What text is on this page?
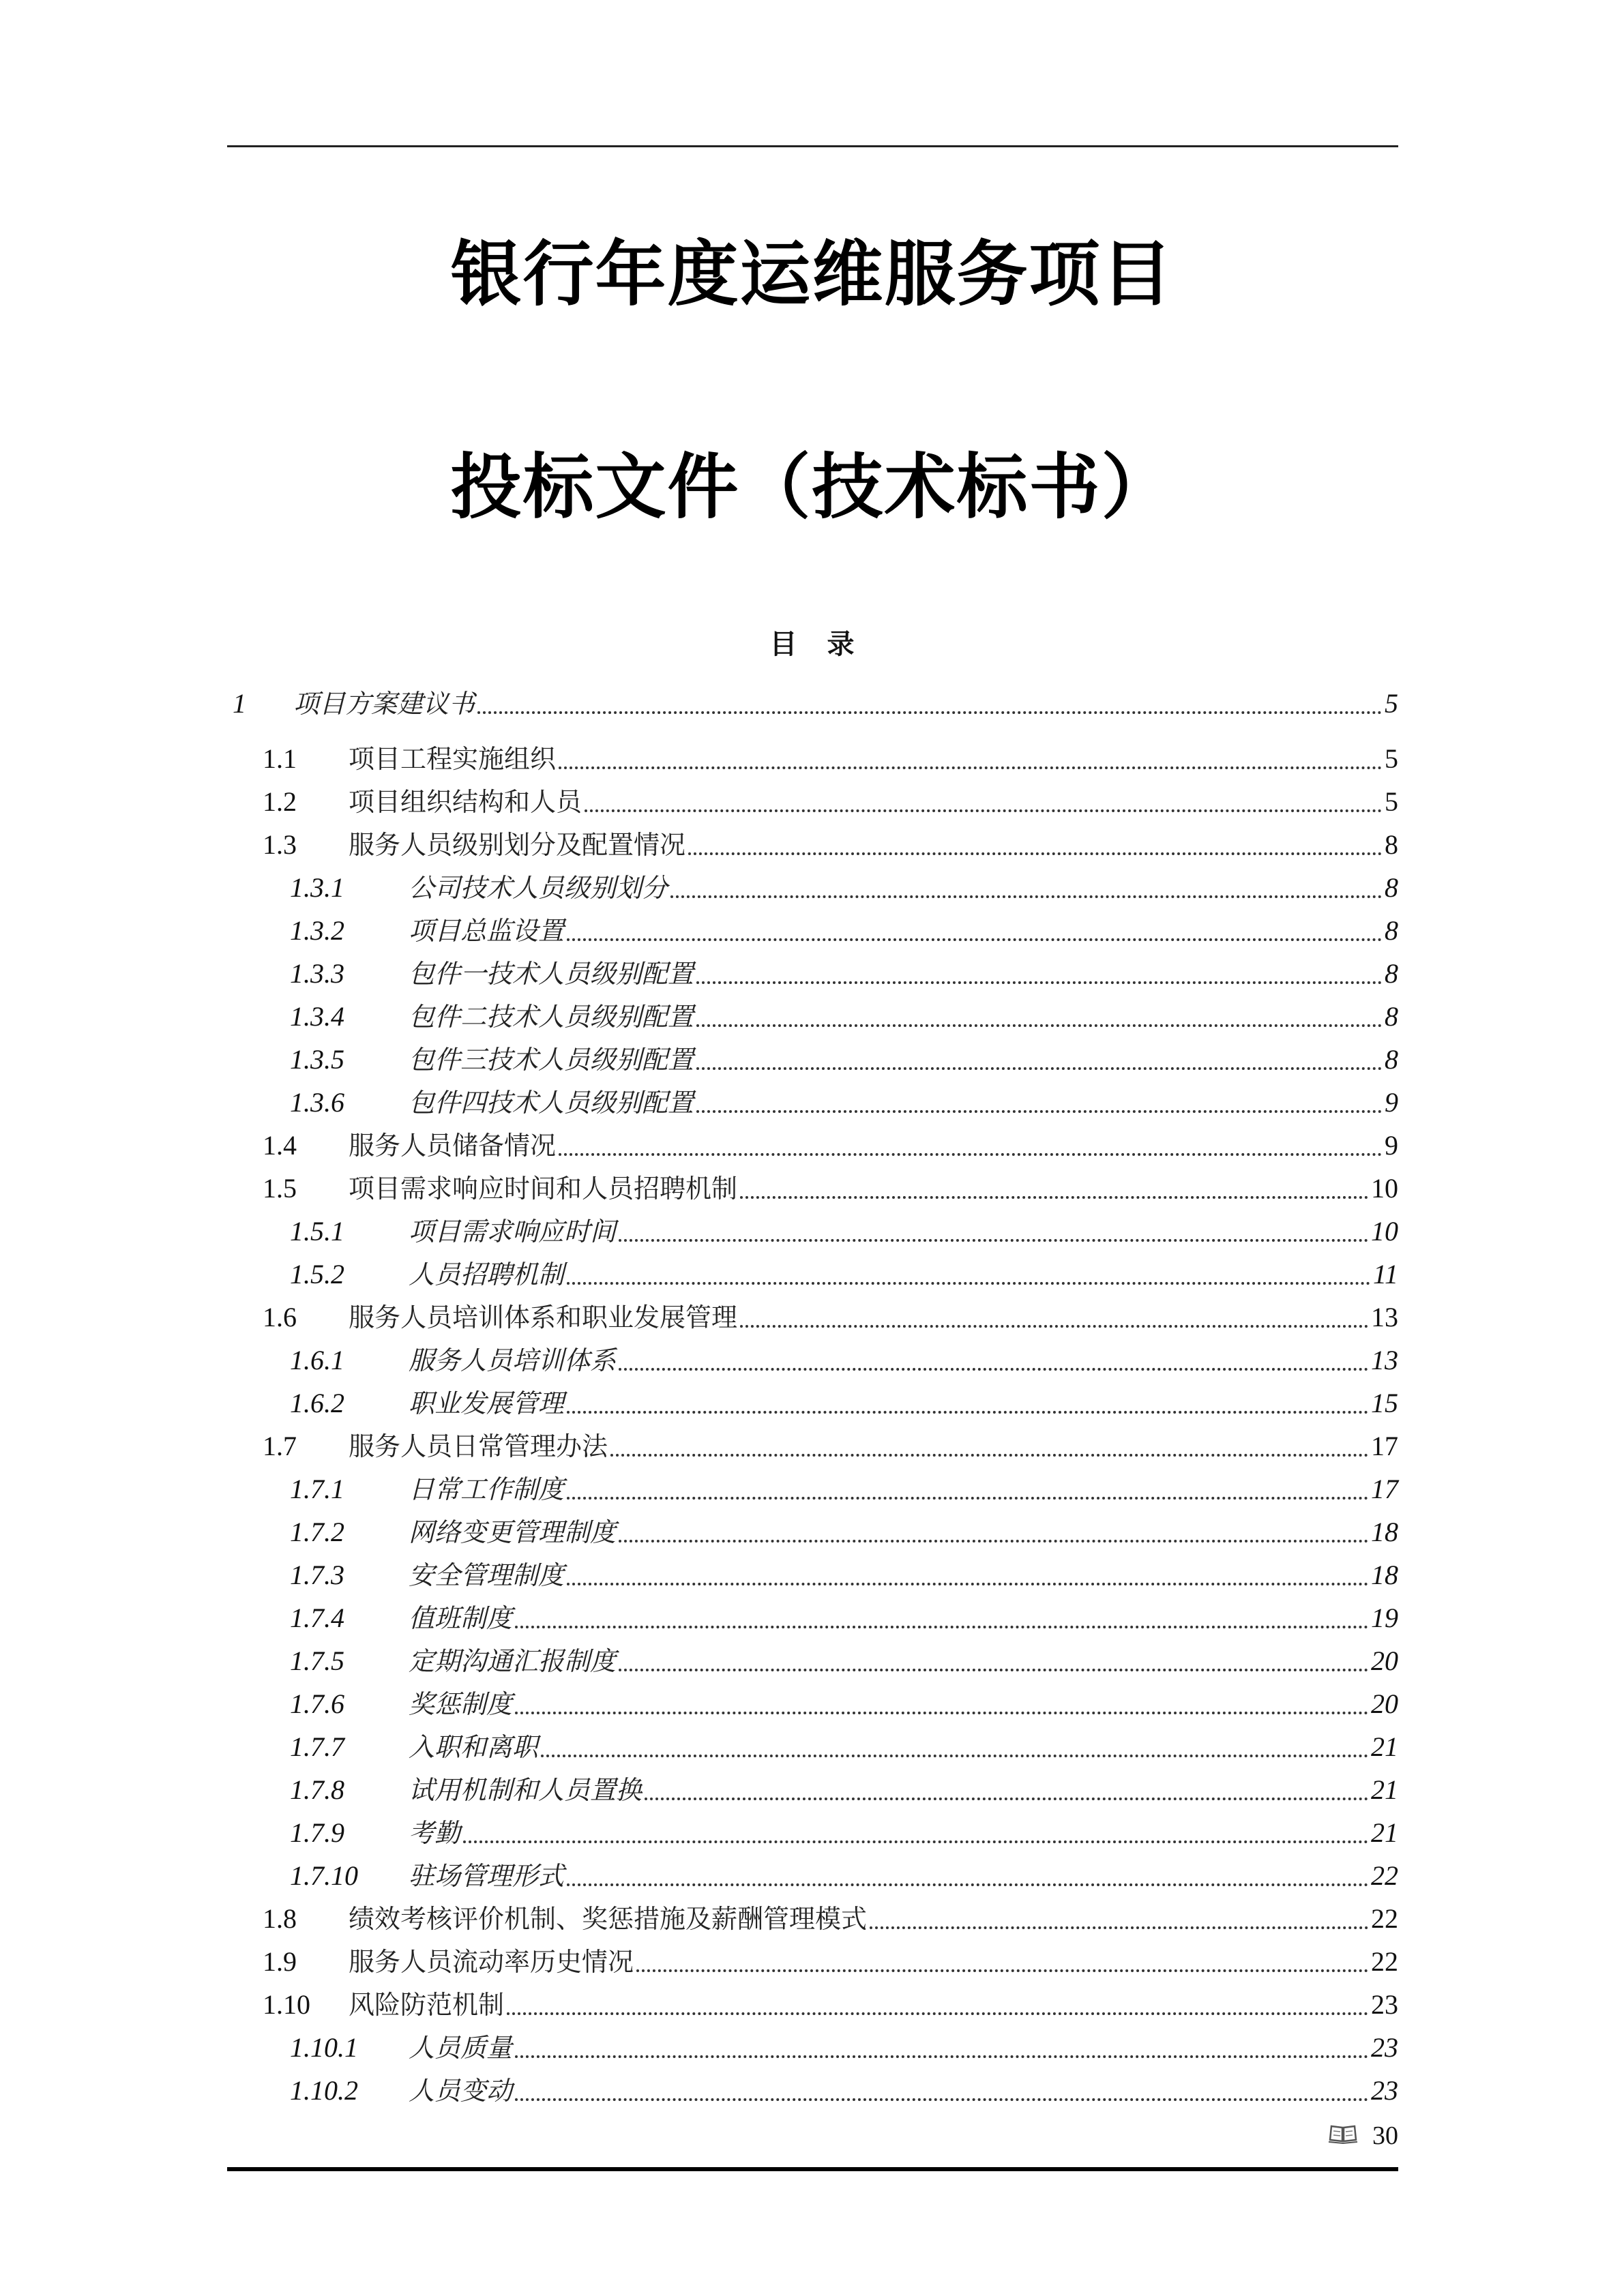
银行年度运维服务项目
投标文件（技术标书）
目 录
1 项目方案建议书	5
1.1 项目工程实施组织	5
1.2 项目组织结构和人员	5
1.3 服务人员级别划分及配置情况	8
1.3.1 公司技术人员级别划分	8
1.3.2 项目总监设置	8
1.3.3 包件一技术人员级别配置	8
1.3.4 包件二技术人员级别配置	8
1.3.5 包件三技术人员级别配置	8
1.3.6 包件四技术人员级别配置	9
1.4 服务人员储备情况	9
1.5 项目需求响应时间和人员招聘机制	10
1.5.1 项目需求响应时间	10
1.5.2 人员招聘机制	11
1.6 服务人员培训体系和职业发展管理	13
1.6.1 服务人员培训体系	13
1.6.2 职业发展管理	15
1.7 服务人员日常管理办法	17
1.7.1 日常工作制度	17
1.7.2 网络变更管理制度	18
1.7.3 安全管理制度	18
1.7.4 值班制度	19
1.7.5 定期沟通汇报制度	20
1.7.6 奖惩制度	20
1.7.7 入职和离职	21
1.7.8 试用机制和人员置换	21
1.7.9 考勤	21
1.7.10 驻场管理形式	22
1.8 绩效考核评价机制、奖惩措施及薪酬管理模式	22
1.9 服务人员流动率历史情况	22
1.10 风险防范机制	23
1.10.1 人员质量	23
1.10.2 人员变动	23
30
